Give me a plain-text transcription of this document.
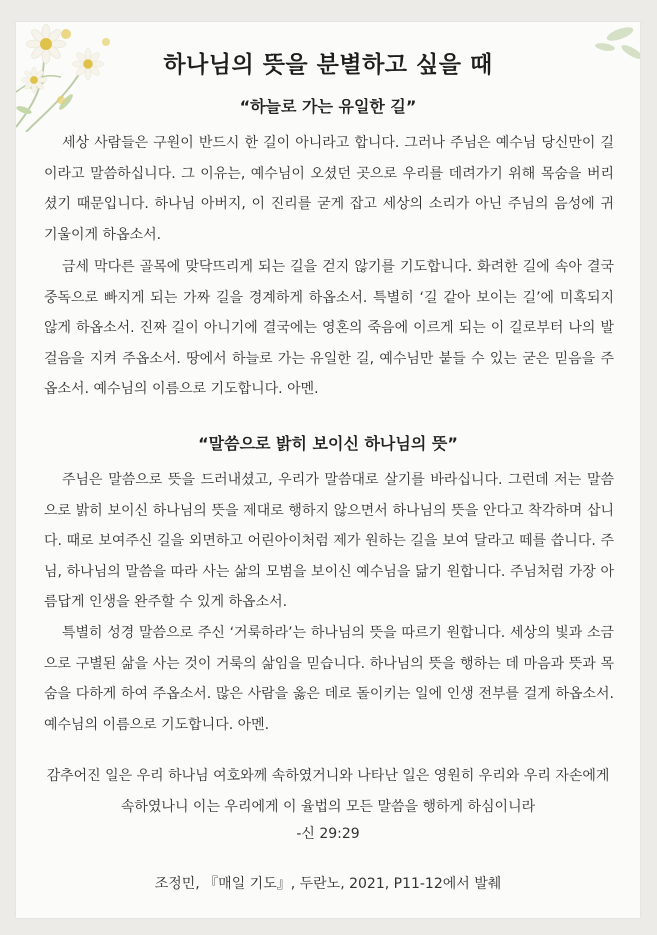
하나님의 뜻을 분별하고 싶을 때
“하늘로 가는 유일한 길”

세상 사람들은 구원이 반드시 한 길이 아니라고 합니다. 그러나 주님은 예수님 당신만이 길이라고 말씀하십니다. 그 이유는, 예수님이 오셨던 곳으로 우리를 데려가기 위해 목숨을 버리셨기 때문입니다. 하나님 아버지, 이 진리를 굳게 잡고 세상의 소리가 아닌 주님의 음성에 귀 기울이게 하옵소서.

금세 막다른 골목에 맞닥뜨리게 되는 길을 걷지 않기를 기도합니다. 화려한 길에 속아 결국 중독으로 빠지게 되는 가짜 길을 경계하게 하옵소서. 특별히 ‘길 같아 보이는 길’에 미혹되지 않게 하옵소서. 진짜 길이 아니기에 결국에는 영혼의 죽음에 이르게 되는 이 길로부터 나의 발걸음을 지켜 주옵소서. 땅에서 하늘로 가는 유일한 길, 예수님만 붙들 수 있는 굳은 믿음을 주옵소서. 예수님의 이름으로 기도합니다. 아멘.

“말씀으로 밝히 보이신 하나님의 뜻”

주님은 말씀으로 뜻을 드러내셨고, 우리가 말씀대로 살기를 바라십니다. 그런데 저는 말씀으로 밝히 보이신 하나님의 뜻을 제대로 행하지 않으면서 하나님의 뜻을 안다고 착각하며 삽니다. 때로 보여주신 길을 외면하고 어린아이처럼 제가 원하는 길을 보여 달라고 떼를 씁니다. 주님, 하나님의 말씀을 따라 사는 삶의 모범을 보이신 예수님을 닮기 원합니다. 주님처럼 가장 아름답게 인생을 완주할 수 있게 하옵소서.

특별히 성경 말씀으로 주신 ‘거룩하라’는 하나님의 뜻을 따르기 원합니다. 세상의 빛과 소금으로 구별된 삶을 사는 것이 거룩의 삶임을 믿습니다. 하나님의 뜻을 행하는 데 마음과 뜻과 목숨을 다하게 하여 주옵소서. 많은 사람을 옳은 데로 돌이키는 일에 인생 전부를 걸게 하옵소서. 예수님의 이름으로 기도합니다. 아멘.

감추어진 일은 우리 하나님 여호와께 속하였거니와 나타난 일은 영원히 우리와 우리 자손에게
속하였나니 이는 우리에게 이 율법의 모든 말씀을 행하게 하심이니라
-신 29:29
조정민, 『매일 기도』, 두란노, 2021, P11-12에서 발췌
